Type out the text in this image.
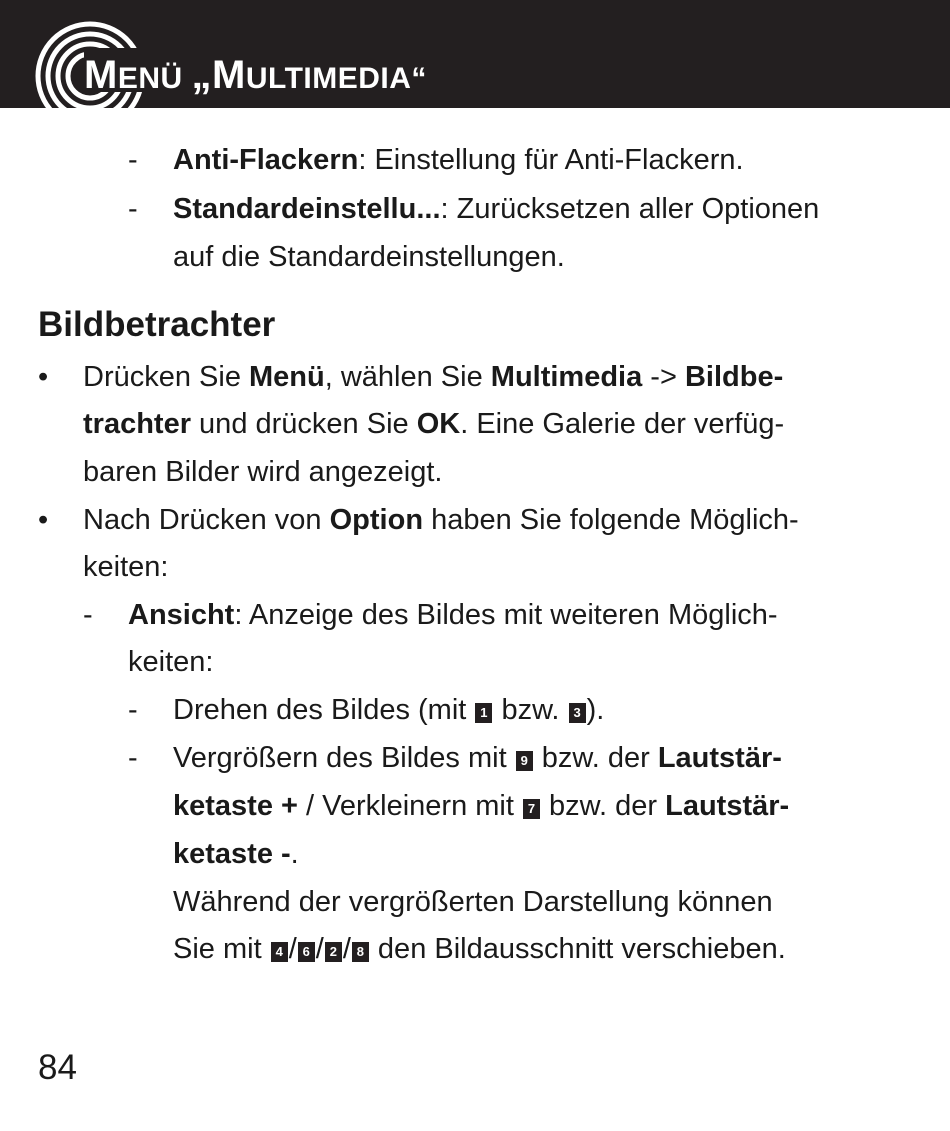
MENÜ „MULTIMEDIA“
- Anti-Flackern: Einstellung für Anti-Flackern.
- Standardeinstellu...: Zurücksetzen aller Optionen
auf die Standardeinstellungen.
Bildbetrachter
• Drücken Sie Menü, wählen Sie Multimedia -> Bildbe-
trachter und drücken Sie OK. Eine Galerie der verfüg-
baren Bilder wird angezeigt.
• Nach Drücken von Option haben Sie folgende Möglich-
keiten:
- Ansicht: Anzeige des Bildes mit weiteren Möglich-
keiten:
- Drehen des Bildes (mit 1 bzw. 3 ).
- Vergrößern des Bildes mit 9 bzw. der Lautstär-
ketaste + / Verkleinern mit 7 bzw. der Lautstär-
ketaste -.
Während der vergrößerten Darstellung können
Sie mit 4 / 6 / 2 / 8 den Bildausschnitt verschieben.
84
